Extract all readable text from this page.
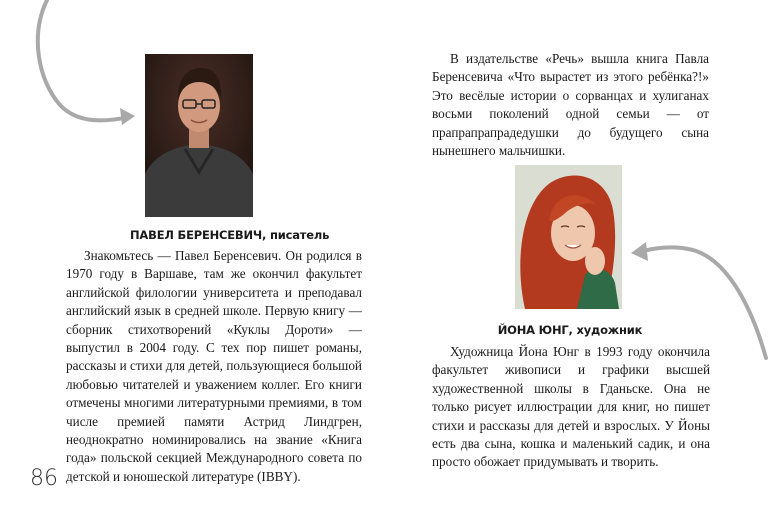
ПАВЕЛ БЕРЕНСЕВИЧ, писатель

Знакомьтесь — Павел Беренсевич. Он родился в 1970 году в Варшаве, там же окончил факультет английской филологии университета и преподавал английский язык в средней школе. Первую книгу — сборник стихотворений «Куклы Дороти» — выпустил в 2004 году. С тех пор пишет романы, рассказы и стихи для детей, пользующиеся большой любовью читателей и уважением коллег. Его книги отмечены многими литературными премиями, в том числе премией памяти Астрид Линдгрен, неоднократно номинировались на звание «Книга года» польской секцией Международного совета по детской и юношеской литературе (IBBY).

86

В издательстве «Речь» вышла книга Павла Беренсевича «Что вырастет из этого ребёнка?!» Это весёлые истории о сорванцах и хулиганах восьми поколений одной семьи — от прапрапрапрадедушки до будущего сына нынешнего мальчишки.

ЙОНА ЮНГ, художник

Художница Йона Юнг в 1993 году окончила факультет живописи и графики высшей художественной школы в Гданьске. Она не только рисует иллюстрации для книг, но пишет стихи и рассказы для детей и взрослых. У Йоны есть два сына, кошка и маленький садик, и она просто обожает придумывать и творить.
